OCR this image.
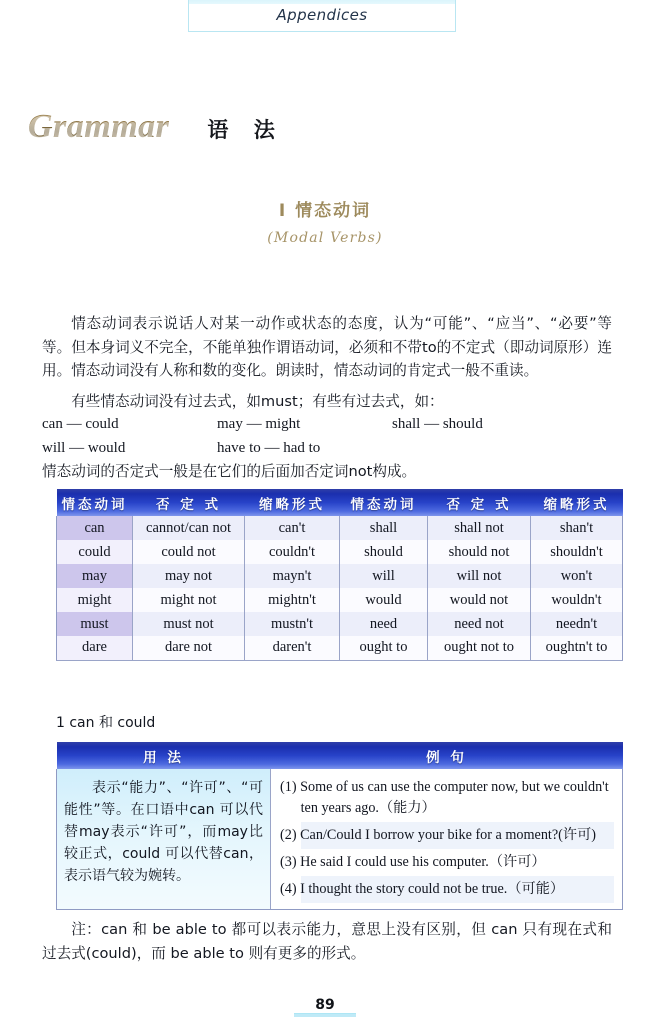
Appendices
Grammar 语 法
I 情态动词
(Modal Verbs)
情态动词表示说话人对某一动作或状态的态度，认为“可能”、“应当”、“必要”等等。但本身词义不完全，不能单独作谓语动词，必须和不带to的不定式（即动词原形）连用。情态动词没有人称和数的变化。朗读时，情态动词的肯定式一般不重读。
有些情态动词没有过去式，如must；有些有过去式，如：
can — could	may — might	shall — should
will — would	have to — had to
情态动词的否定式一般是在它们的后面加否定词not构成。
情态动词	否 定 式	缩略形式	情态动词	否 定 式	缩略形式
can	cannot/can not	can't	shall	shall not	shan't
could	could not	couldn't	should	should not	shouldn't
may	may not	mayn't	will	will not	won't
might	might not	mightn't	would	would not	wouldn't
must	must not	mustn't	need	need not	needn't
dare	dare not	daren't	ought to	ought not to	oughtn't to
1 can 和 could
用 法	例 句
表示“能力”、“许可”、“可能性”等。在口语中can 可以代替may表示“许可”，而may比较正式，could 可以代替can，表示语气较为婉转。	(1) Some of us can use the computer now, but we couldn't ten years ago.（能力）
(2) Can/Could I borrow your bike for a moment?(许可)
(3) He said I could use his computer.（许可）
(4) I thought the story could not be true.（可能）
注：can 和 be able to 都可以表示能力，意思上没有区别，但 can 只有现在式和过去式(could)，而 be able to 则有更多的形式。
89
